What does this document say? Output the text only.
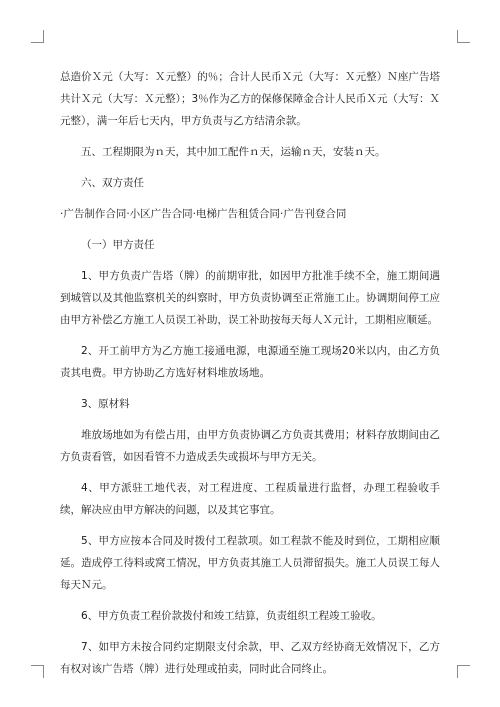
总造价Ｘ元（大写：Ｘ元整）的％；合计人民币Ｘ元（大写：Ｘ元整）Ｎ座广告塔共计Ｘ元（大写：Ｘ元整）；3％作为乙方的保修保障金合计人民币Ｘ元（大写：Ｘ元整），满一年后七天内，甲方负责与乙方结清余款。

五、工程期限为ｎ天，其中加工配件ｎ天，运输ｎ天，安装ｎ天。

六、双方责任

·广告制作合同·小区广告合同·电梯广告租赁合同·广告刊登合同

（一）甲方责任

1、甲方负责广告塔（牌）的前期审批，如因甲方批准手续不全，施工期间遇到城管以及其他监察机关的纠察时，甲方负责协调至正常施工止。协调期间停工应由甲方补偿乙方施工人员误工补助，误工补助按每天每人Ｘ元计，工期相应顺延。

2、开工前甲方为乙方施工接通电源，电源通至施工现场20米以内，由乙方负责其电费。甲方协助乙方选好材料堆放场地。

3、原材料

堆放场地如为有偿占用，由甲方负责协调乙方负责其费用；材料存放期间由乙方负责看管，如因看管不力造成丢失或损坏与甲方无关。

4、甲方派驻工地代表，对工程进度、工程质量进行监督，办理工程验收手续，解决应由甲方解决的问题，以及其它事宜。

5、甲方应按本合同及时拨付工程款项。如工程款不能及时到位，工期相应顺延。造成停工待料或窝工情况，甲方负责其施工人员滞留损失。施工人员误工每人每天Ｎ元。

6、甲方负责工程价款拨付和竣工结算，负责组织工程竣工验收。

7、如甲方未按合同约定期限支付余款，甲、乙双方经协商无效情况下，乙方有权对该广告塔（牌）进行处理或拍卖，同时此合同终止。
